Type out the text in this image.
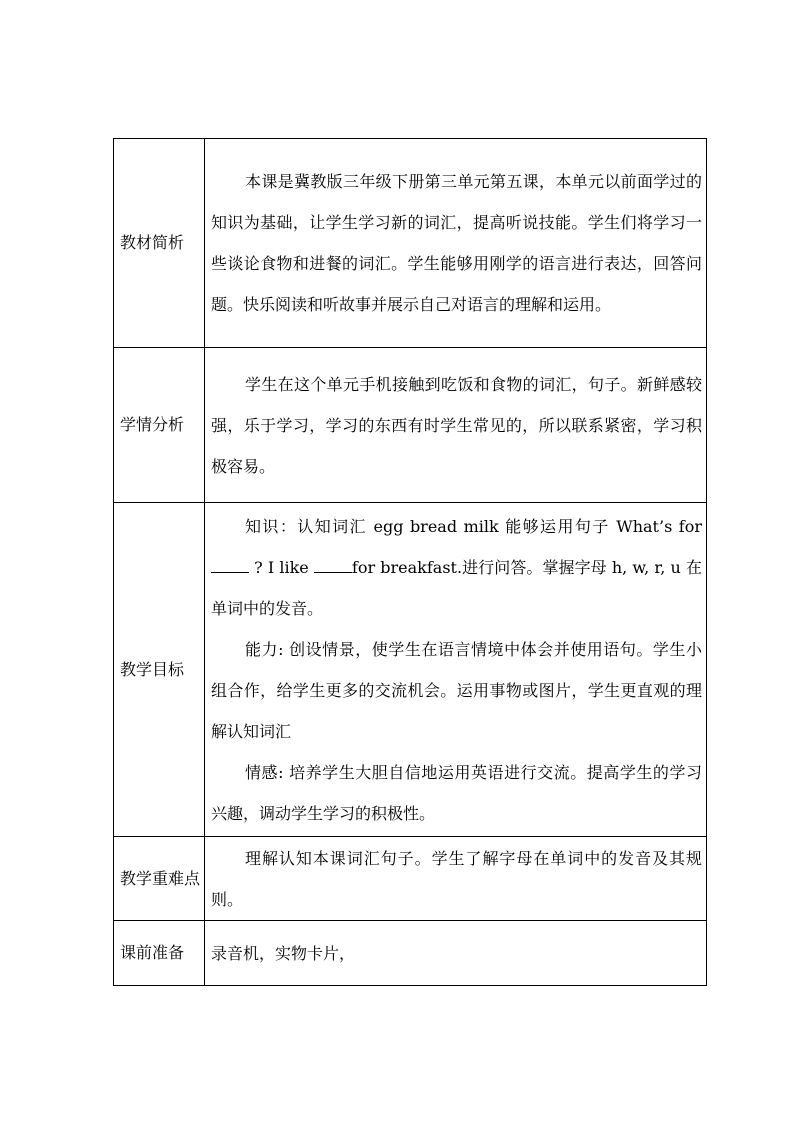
教材简析	本课是冀教版三年级下册第三单元第五课，本单元以前面学过的知识为基础，让学生学习新的词汇，提高听说技能。学生们将学习一些谈论食物和进餐的词汇。学生能够用刚学的语言进行表达，回答问题。快乐阅读和听故事并展示自己对语言的理解和运用。

学情分析	学生在这个单元手机接触到吃饭和食物的词汇，句子。新鲜感较强，乐于学习，学习的东西有时学生常见的，所以联系紧密，学习积极容易。

教学目标	知识：认知词汇 egg bread milk 能够运用句子 What’s for  ? I like for breakfast.进行问答。掌握字母 h, w, r, u 在单词中的发音。
能力: 创设情景，使学生在语言情境中体会并使用语句。学生小组合作，给学生更多的交流机会。运用事物或图片，学生更直观的理解认知词汇
情感: 培养学生大胆自信地运用英语进行交流。提高学生的学习兴趣，调动学生学习的积极性。

教学重难点	理解认知本课词汇句子。学生了解字母在单词中的发音及其规则。

课前准备	录音机，实物卡片，
